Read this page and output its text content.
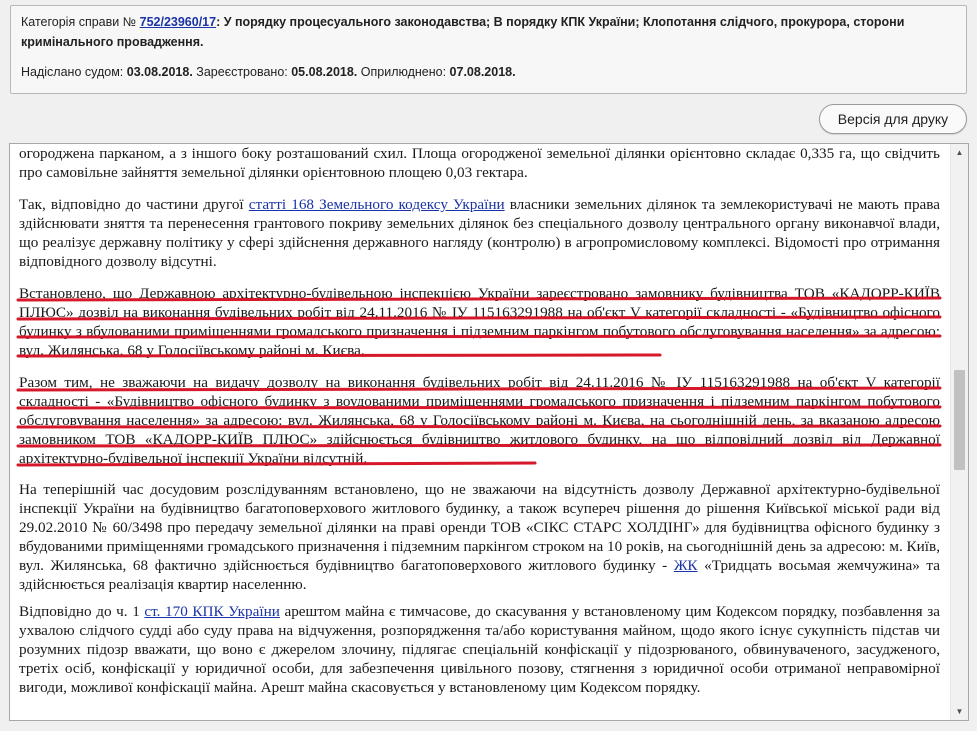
Категорія справи № 752/23960/17: У порядку процесуального законодавства; В порядку КПК України; Клопотання слідчого, прокурора, сторони кримінального провадження.
Надіслано судом: 03.08.2018. Зареєстровано: 05.08.2018. Оприлюднено: 07.08.2018.
Версія для друку

огороджена парканом, а з іншого боку розташований схил. Площа огородженої земельної ділянки орієнтовно складає 0,335 га, що свідчить про самовільне зайняття земельної ділянки орієнтовною площею 0,03 гектара.

Так, відповідно до частини другої статті 168 Земельного кодексу України власники земельних ділянок та землекористувачі не мають права здійснювати зняття та перенесення грантового покриву земельних ділянок без спеціального дозволу центрального органу виконавчої влади, що реалізує державну політику у сфері здійснення державного нагляду (контролю) в агропромисловому комплексі. Відомості про отримання відповідного дозволу відсутні.

Встановлено, що Державною архітектурно-будівельною інспекцією України зареєстровано замовнику будівництва ТОВ «КАДОРР-КИЇВ ПЛЮС» дозвіл на виконання будівельних робіт від 24.11.2016 № ІУ 115163291988 на об'єкт V категорії складності - «Будівництво офісного будинку з вбудованими приміщеннями громадського призначення і підземним паркінгом побутового обслуговування населення» за адресою: вул. Жилянська, 68 у Голосіївському районі м. Києва.

Разом тим, не зважаючи на видачу дозволу на виконання будівельних робіт від 24.11.2016 № ІУ 115163291988 на об'єкт V категорії складності - «Будівництво офісного будинку з воудованими приміщеннями громадського призначення і підземним паркінгом побутового обслуговування населення» за адресою: вул. Жилянська, 68 у Голосіївському районі м. Києва, на сьогоднішній день, за вказаною адресою замовником ТОВ «КАДОРР-КИЇВ ПЛЮС» здійснюється будівництво житлового будинку, на що відповідний дозвіл від Державної архітектурно-будівельної інспекції України відсутній.

На теперішній час досудовим розслідуванням встановлено, що не зважаючи на відсутність дозволу Державної архітектурно-будівельної інспекції України на будівництво багатоповерхового житлового будинку, а також всупереч рішення до рішення Київської міської ради від 29.02.2010 № 60/3498 про передачу земельної ділянки на праві оренди ТОВ «СІКС СТАРС ХОЛДІНГ» для будівництва офісного будинку з вбудованими приміщеннями громадського призначення і підземним паркінгом строком на 10 років, на сьогоднішній день за адресою: м. Київ, вул. Жилянська, 68 фактично здійснюється будівництво багатоповерхового житлового будинку - ЖК «Тридцать восьмая жемчужина» та здійснюється реалізація квартир населенню.

Відповідно до ч. 1 ст. 170 КПК України арештом майна є тимчасове, до скасування у встановленому цим Кодексом порядку, позбавлення за ухвалою слідчого судді або суду права на відчуження, розпорядження та/або користування майном, щодо якого існує сукупність підстав чи розумних підозр вважати, що воно є джерелом злочину, підлягає спеціальній конфіскації у підозрюваного, обвинуваченого, засудженого, третіх осіб, конфіскації у юридичної особи, для забезпечення цивільного позову, стягнення з юридичної особи отриманої неправомірної вигоди, можливої конфіскації майна. Арешт майна скасовується у встановленому цим Кодексом порядку.

▲
▼
